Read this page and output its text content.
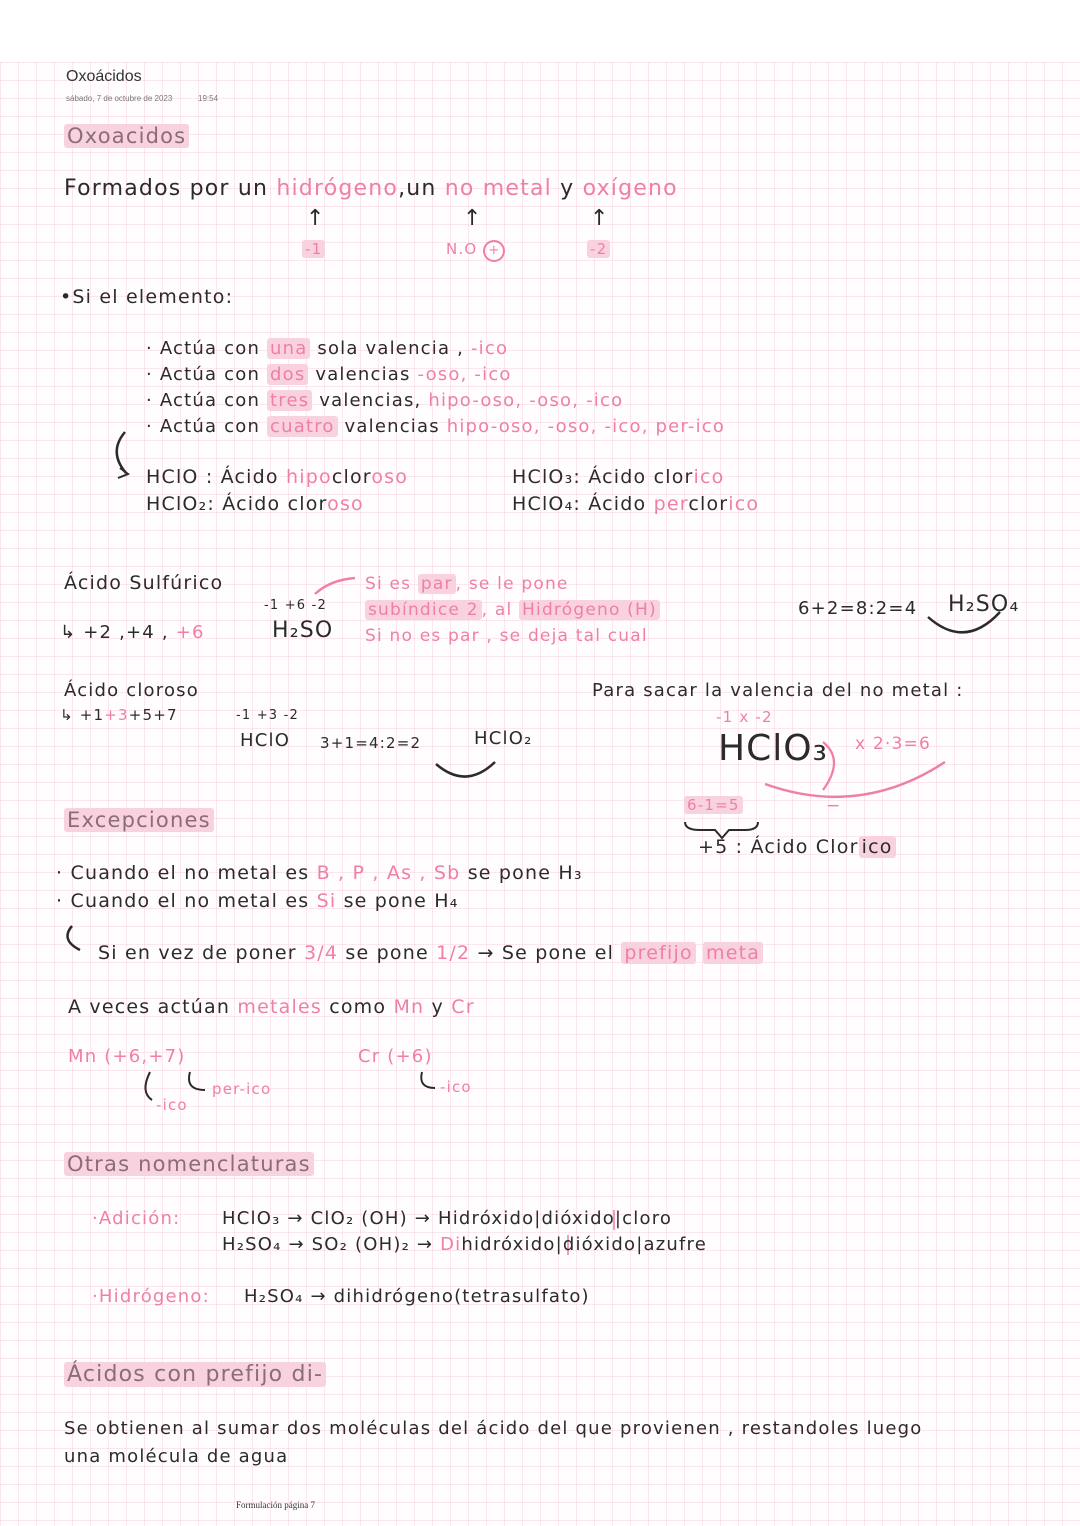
Oxoácidos
sábado, 7 de octubre de 2023	19:54
Oxoacidos
Formados por un hidrógeno,un no metal y oxígeno
↑	↑	↑
-1	N.O +	-2
•Si el elemento:
· Actúa con una sola valencia , -ico
· Actúa con dos valencias -oso, -ico
· Actúa con tres valencias, hipo-oso, -oso, -ico
· Actúa con cuatro valencias hipo-oso, -oso, -ico, per-ico
HClO : Ácido hipocloroso
HClO₂: Ácido cloroso
HClO₃: Ácido clorico
HClO₄: Ácido perclorico
Ácido Sulfúrico
↳ +2 ,+4 , +6
-1 +6 -2
H₂SO
Si es par , se le pone
subíndice 2 , al Hidrógeno (H)
Si no es par , se deja tal cual
6+2=8:2=4 H₂SO₄
Ácido cloroso
↳ +1+3+5+7	-1 +3 -2
HClO 3+1=4:2=2	HClO₂
Para sacar la valencia del no metal :
-1 x -2
HClO₃ x 2·3=6
−
6-1=5
+5 : Ácido Clor ico
Excepciones
· Cuando el no metal es B , P , As , Sb se pone H₃
· Cuando el no metal es Si se pone H₄
Si en vez de poner 3/4 se pone 1/2 → Se pone el prefijo meta
A veces actúan metales como Mn y Cr
Mn (+6,+7)
-ico
per-ico
Cr (+6)
-ico
Otras nomenclaturas
·Adición: HClO₃ → ClO₂ (OH) → Hidróxido|dióxido|cloro
H₂SO₄ → SO₂ (OH)₂ → Dihidróxido|dióxido|azufre
·Hidrógeno: H₂SO₄ → dihidrógeno(tetrasulfato)
Ácidos con prefijo di-
Se obtienen al sumar dos moléculas del ácido del que provienen , restandoles luego
una molécula de agua
Formulación página 7
